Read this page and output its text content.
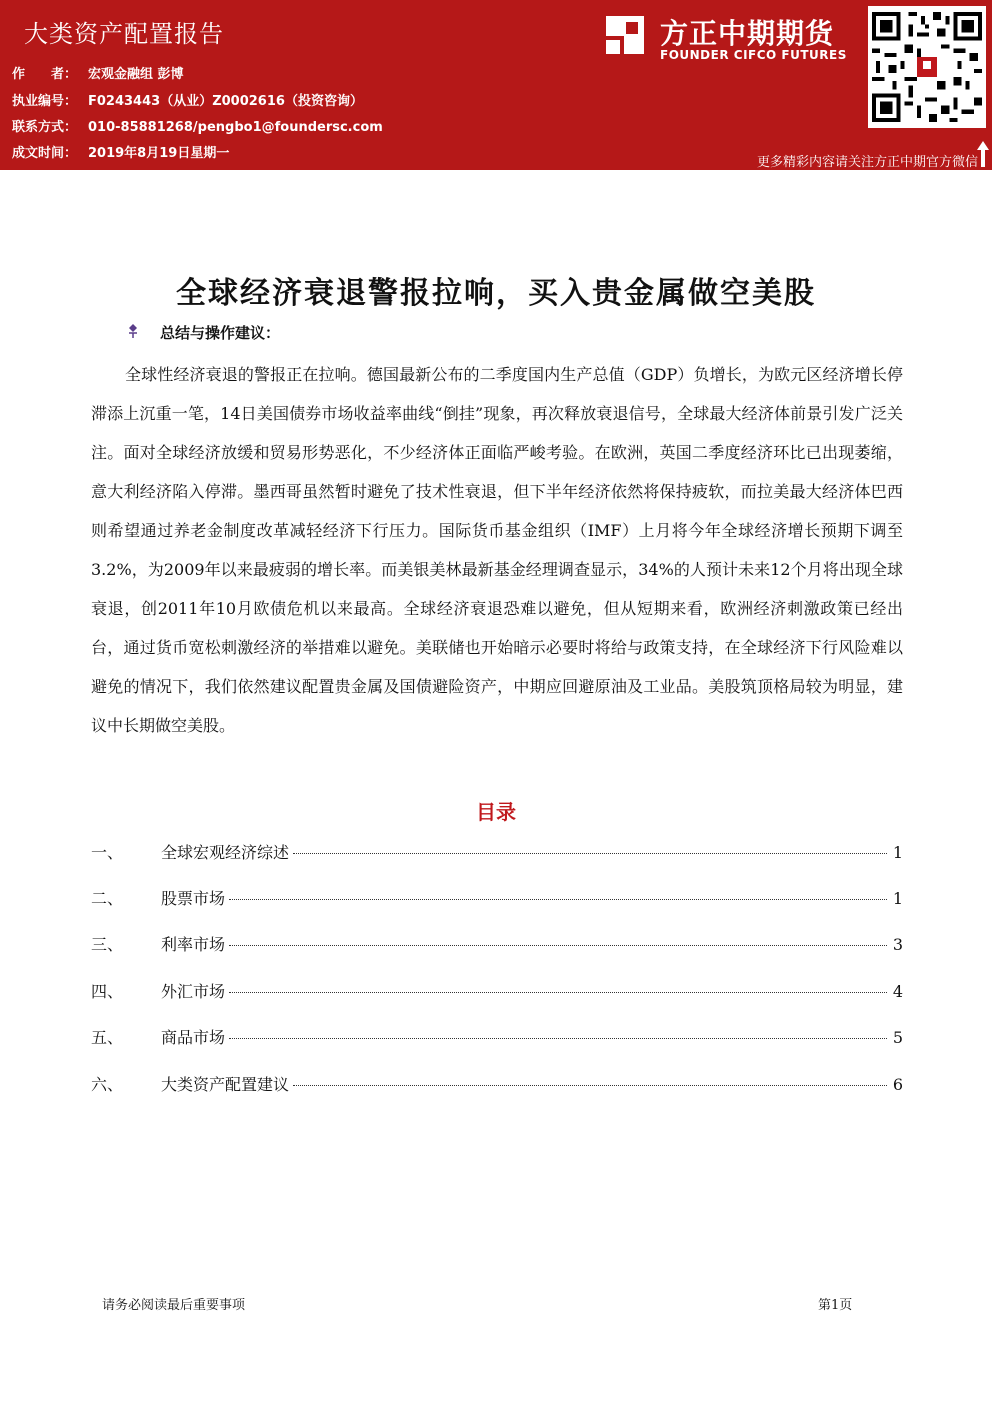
大类资产配置报告
作　　者： 宏观金融组 彭博
执业编号： F0243443（从业）Z0002616（投资咨询）
联系方式： 010-85881268/pengbo1@foundersc.com
成文时间： 2019年8月19日星期一
方正中期期货
FOUNDER CIFCO FUTURES
更多精彩内容请关注方正中期官方微信
全球经济衰退警报拉响，买入贵金属做空美股
总结与操作建议：
全球性经济衰退的警报正在拉响。德国最新公布的二季度国内生产总值（GDP）负增长，为欧元区经济增长停滞添上沉重一笔，14日美国债券市场收益率曲线“倒挂”现象，再次释放衰退信号，全球最大经济体前景引发广泛关注。面对全球经济放缓和贸易形势恶化，不少经济体正面临严峻考验。在欧洲，英国二季度经济环比已出现萎缩，意大利经济陷入停滞。墨西哥虽然暂时避免了技术性衰退，但下半年经济依然将保持疲软，而拉美最大经济体巴西则希望通过养老金制度改革减轻经济下行压力。国际货币基金组织（IMF）上月将今年全球经济增长预期下调至3.2%，为2009年以来最疲弱的增长率。而美银美林最新基金经理调查显示，34%的人预计未来12个月将出现全球衰退，创2011年10月欧债危机以来最高。全球经济衰退恐难以避免，但从短期来看，欧洲经济刺激政策已经出台，通过货币宽松刺激经济的举措难以避免。美联储也开始暗示必要时将给与政策支持，在全球经济下行风险难以避免的情况下，我们依然建议配置贵金属及国债避险资产，中期应回避原油及工业品。美股筑顶格局较为明显，建议中长期做空美股。
目录
一、	全球宏观经济综述	1
二、	股票市场	1
三、	利率市场	3
四、	外汇市场	4
五、	商品市场	5
六、	大类资产配置建议	6
请务必阅读最后重要事项	第1页
